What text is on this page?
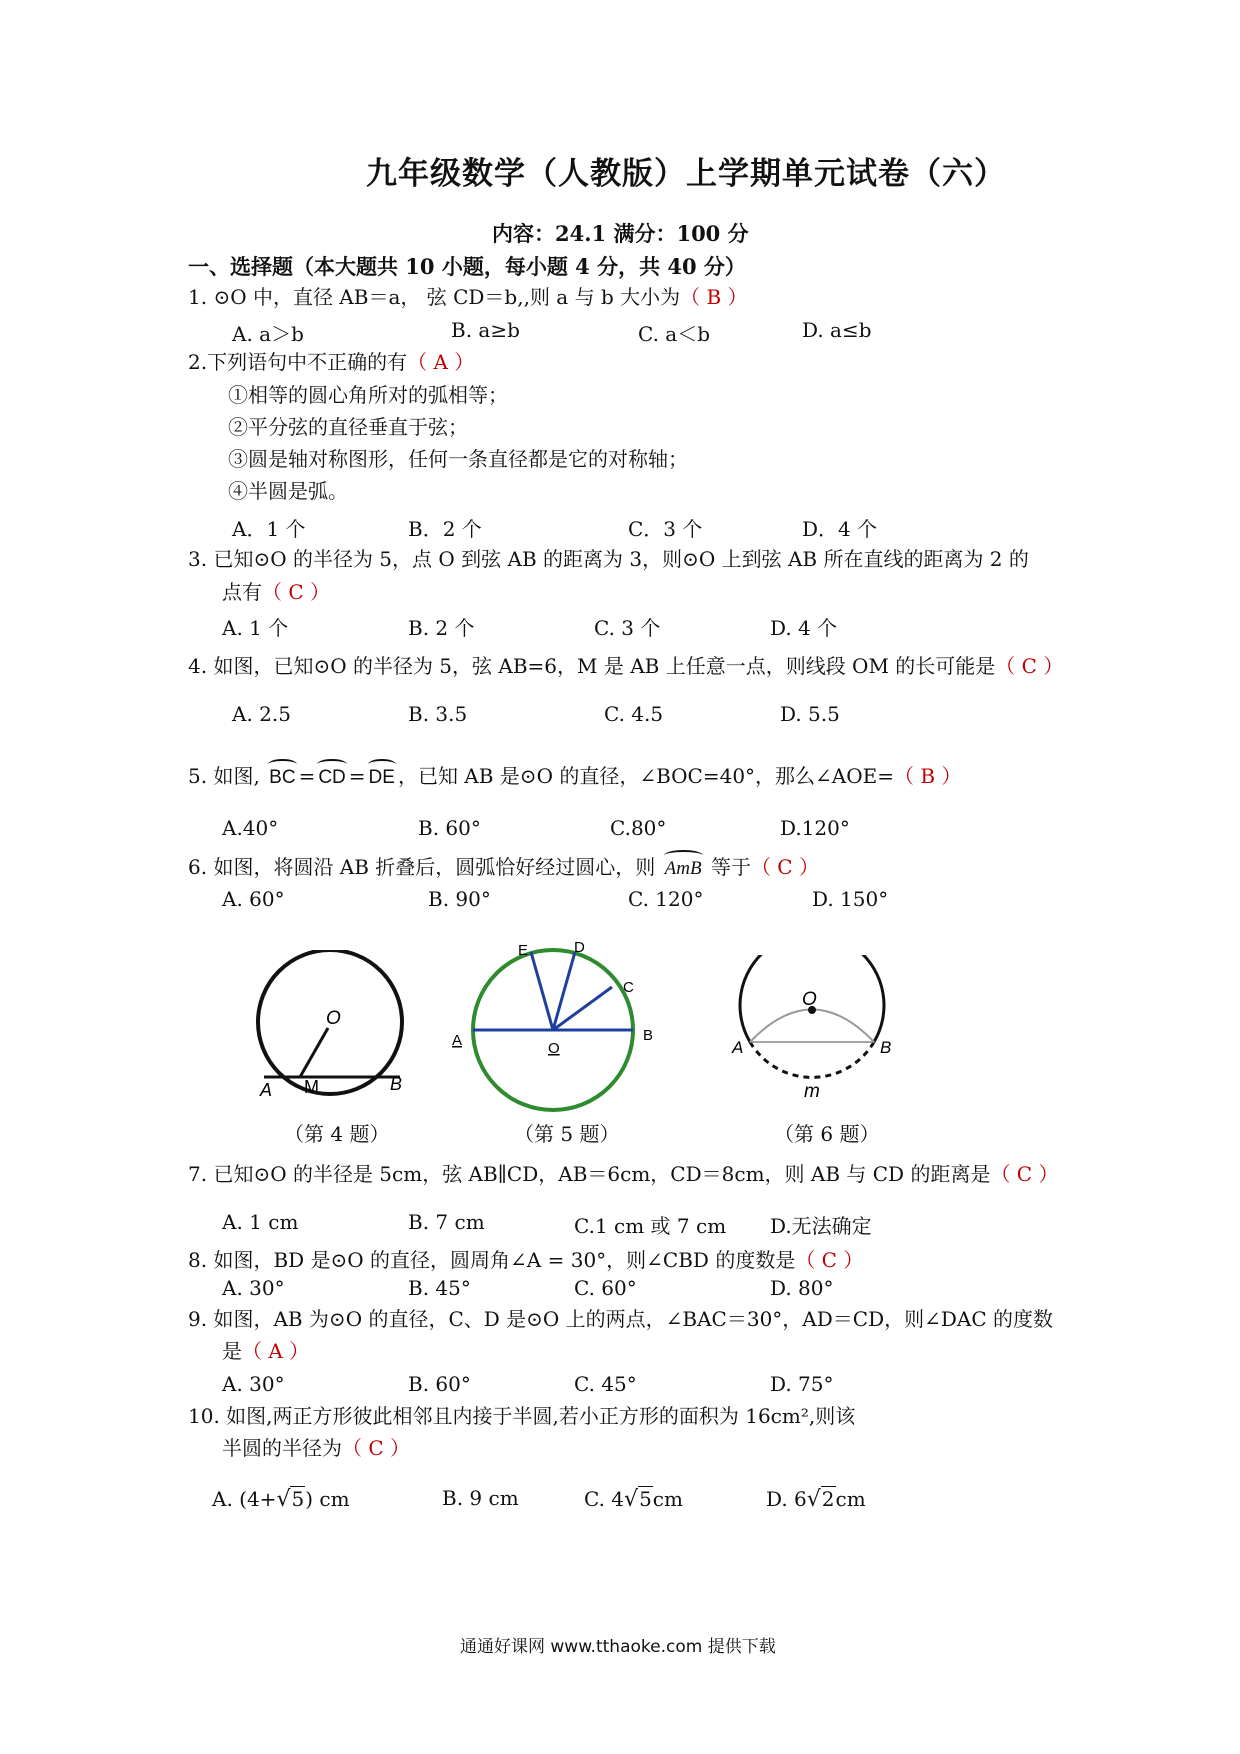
九年级数学（人教版）上学期单元试卷（六）
内容：24.1 满分：100 分
一、选择题（本大题共 10 小题，每小题 4 分，共 40 分）
1. ⊙O 中，直径 AB＝a， 弦 CD＝b,,则 a 与 b 大小为（ B ）
A. a＞b	B. a≥b	C. a＜b	D. a≤b
2.下列语句中不正确的有（ A ）
①相等的圆心角所对的弧相等；
②平分弦的直径垂直于弦；
③圆是轴对称图形，任何一条直径都是它的对称轴；
④半圆是弧。
A．1 个	B．2 个	C．3 个	D．4 个
3. 已知⊙O 的半径为 5，点 O 到弦 AB 的距离为 3，则⊙O 上到弦 AB 所在直线的距离为 2 的
点有（ C ）
A. 1 个	B. 2 个	C. 3 个	D. 4 个
4. 如图，已知⊙O 的半径为 5，弦 AB=6，M 是 AB 上任意一点，则线段 OM 的长可能是（ C ）
A. 2.5	B. 3.5	C. 4.5	D. 5.5
5. 如图, BC = CD = DE ，已知 AB 是⊙O 的直径，∠BOC=40°，那么∠AOE=（ B ）
A.40°	B. 60°	C.80°	D.120°
6. 如图，将圆沿 AB 折叠后，圆弧恰好经过圆心，则 AmB 等于（ C ）
A. 60°	B. 90°	C. 120°	D. 150°
O
A M	B
E	D
C
A	O
B
O
A	B
m
（第 4 题）	（第 5 题）	（第 6 题）
7. 已知⊙O 的半径是 5cm，弦 AB∥CD，AB＝6cm，CD＝8cm，则 AB 与 CD 的距离是（ C ）
A. 1 cm	B. 7 cm	C.1 cm 或 7 cm D.无法确定
8. 如图，BD 是⊙O 的直径，圆周角∠A = 30°，则∠CBD 的度数是（ C ）
A. 30°	B. 45°	C. 60°	D. 80°
9. 如图，AB 为⊙O 的直径，C、D 是⊙O 上的两点，∠BAC＝30°，AD＝CD，则∠DAC 的度数
是（ A ）
A. 30°	B. 60°	C. 45°	D. 75°
10. 如图,两正方形彼此相邻且内接于半圆,若小正方形的面积为 16cm²,则该
半圆的半径为（ C ）
A. (4+√5) cm	B. 9 cm	C. 4√5cm	D. 6√2cm
通通好课网 www.tthaoke.com 提供下载
